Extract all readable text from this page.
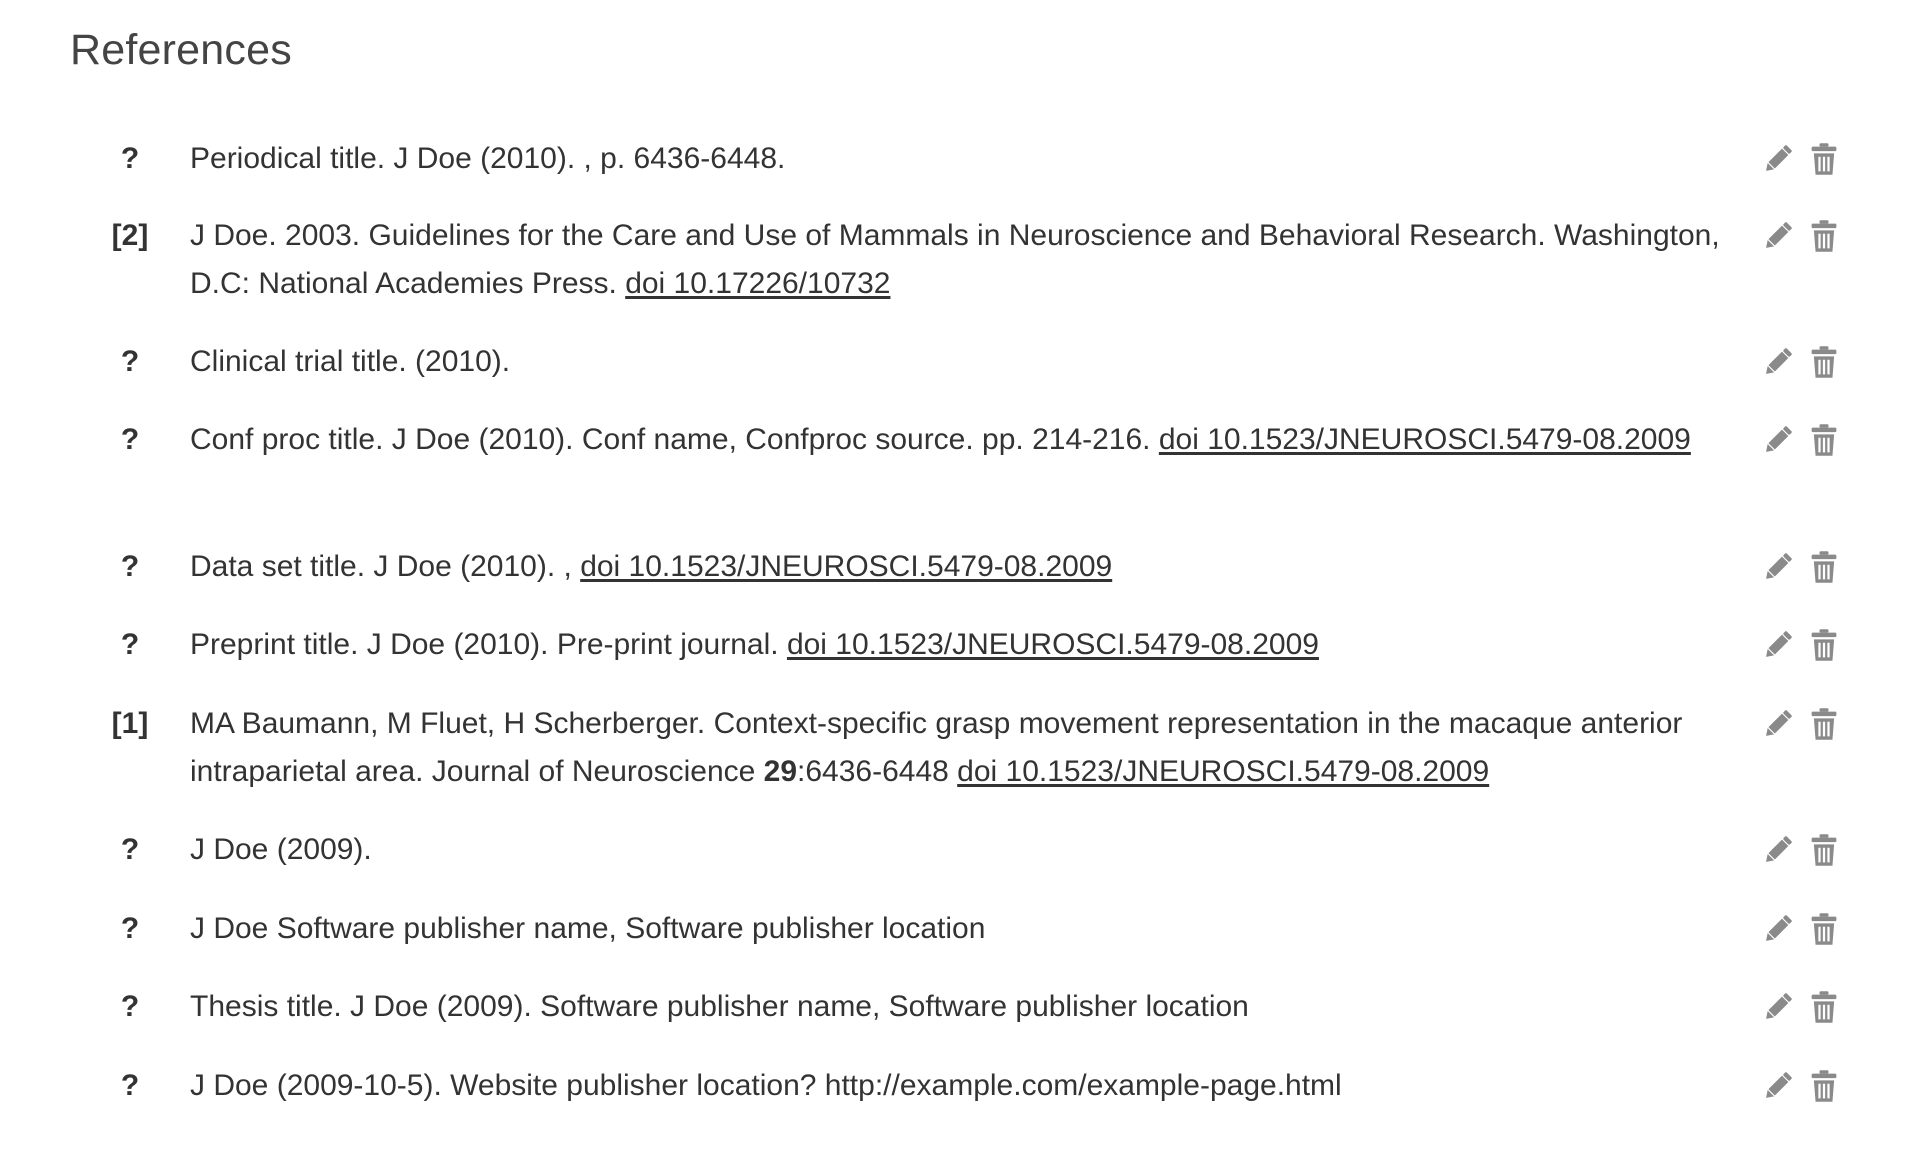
References
?	Periodical title. J Doe (2010). , p. 6436-6448.
[2]	J Doe. 2003. Guidelines for the Care and Use of Mammals in Neuroscience and Behavioral Research. Washington, D.C: National Academies Press. doi 10.17226/10732
?	Clinical trial title. (2010).
?	Conf proc title. J Doe (2010). Conf name, Confproc source. pp. 214-216. doi 10.1523/JNEUROSCI.5479-08.2009
?	Data set title. J Doe (2010). , doi 10.1523/JNEUROSCI.5479-08.2009
?	Preprint title. J Doe (2010). Pre-print journal. doi 10.1523/JNEUROSCI.5479-08.2009
[1]	MA Baumann, M Fluet, H Scherberger. Context-specific grasp movement representation in the macaque anterior intraparietal area. Journal of Neuroscience 29:6436-6448 doi 10.1523/JNEUROSCI.5479-08.2009
?	J Doe (2009).
?	J Doe Software publisher name, Software publisher location
?	Thesis title. J Doe (2009). Software publisher name, Software publisher location
?	J Doe (2009-10-5). Website publisher location? http://example.com/example-page.html
